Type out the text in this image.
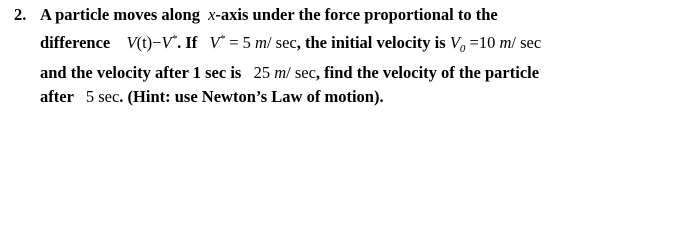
2. A particle moves along x-axis under the force proportional to the
difference V(t)−V*. If V* = 5 m/ sec, the initial velocity is $V_0 =10$ m/ sec
and the velocity after 1 sec is 25 m/ sec, find the velocity of the particle
after 5 sec. (Hint: use Newton’s Law of motion).
